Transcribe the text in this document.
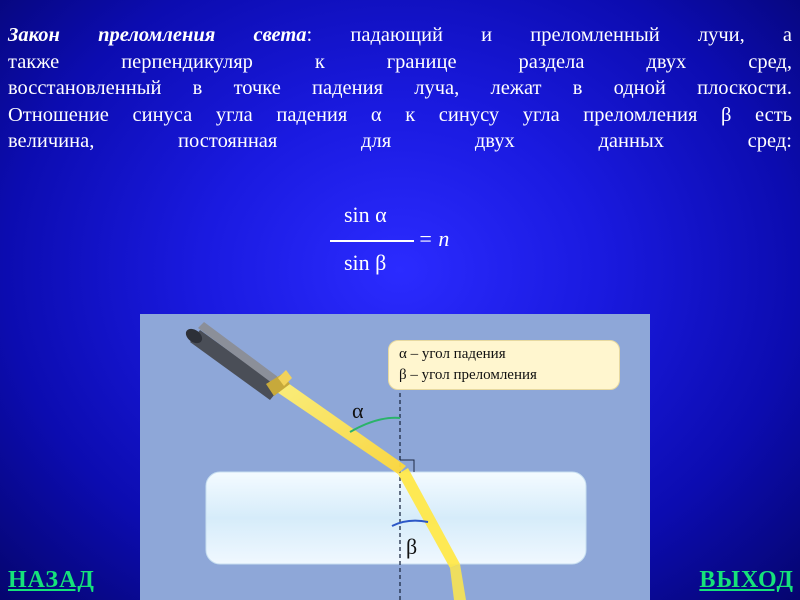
Закон преломления света: падающий и преломленный лучи, а
также перпендикуляр к границе раздела двух сред,
восстановленный в точке падения луча, лежат в одной плоскости.
Отношение синуса угла падения α к синусу угла преломления β есть
величина, постоянная для двух данных сред:
sin α
sin β
= n
α
β
α – угол падения
β – угол преломления
НАЗАД	ВЫХОД
